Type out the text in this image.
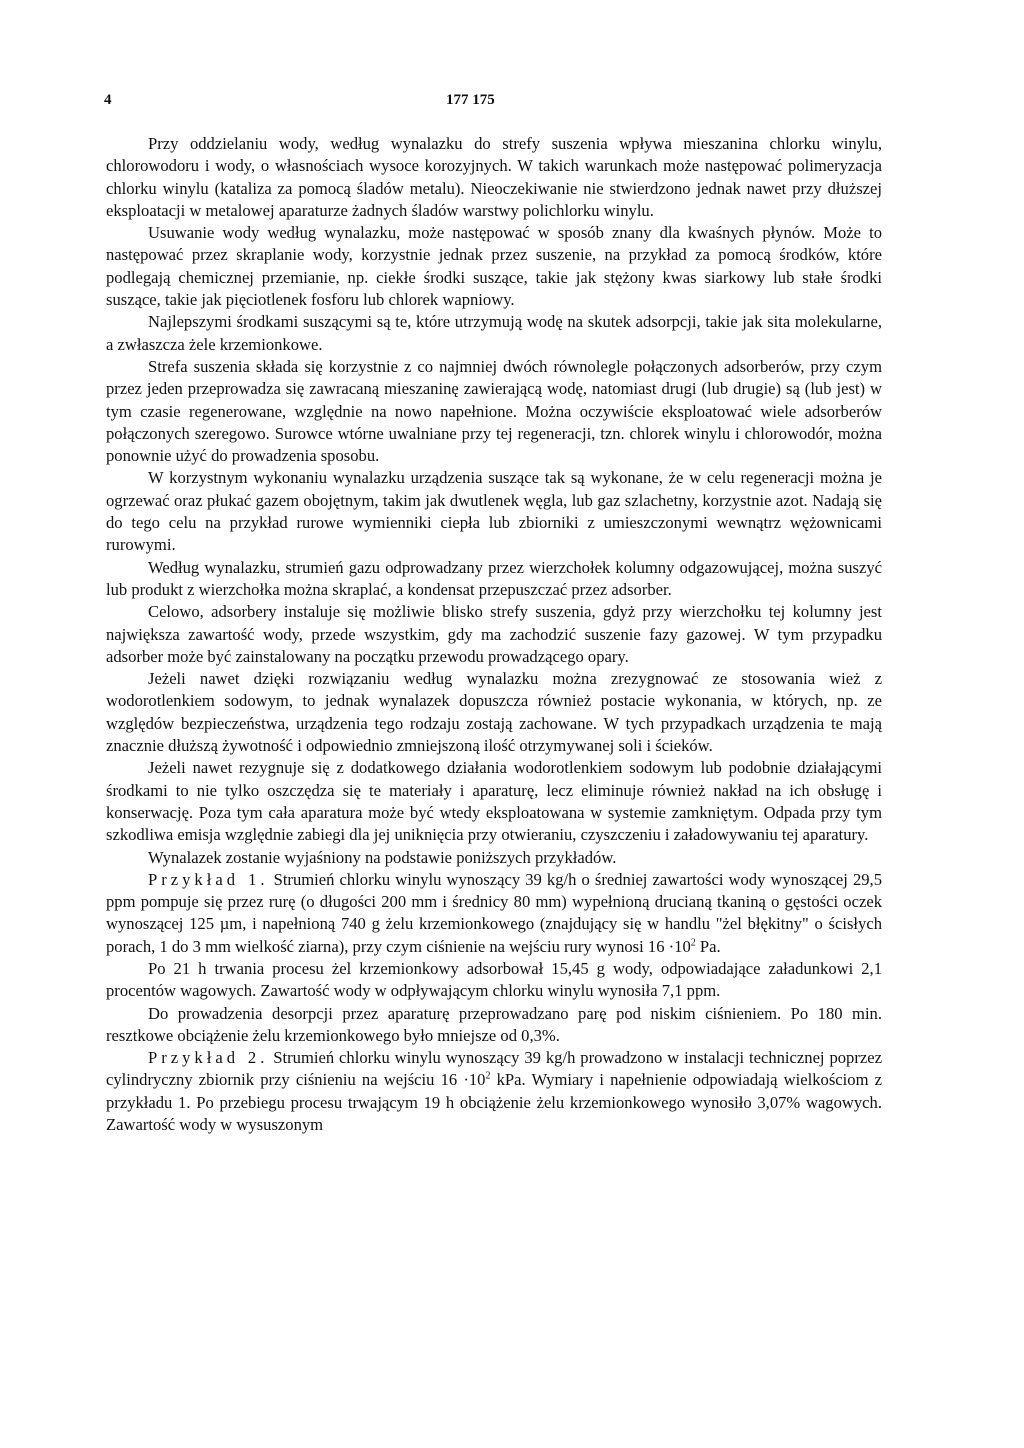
4	177 175

Przy oddzielaniu wody, według wynalazku do strefy suszenia wpływa mieszanina chlorku winylu, chlorowodoru i wody, o własnościach wysoce korozyjnych. W takich warunkach może następować polimeryzacja chlorku winylu (kataliza za pomocą śladów metalu). Nieoczekiwanie nie stwierdzono jednak nawet przy dłuższej eksploatacji w metalowej aparaturze żadnych śladów warstwy polichlorku winylu.

Usuwanie wody według wynalazku, może następować w sposób znany dla kwaśnych płynów. Może to następować przez skraplanie wody, korzystnie jednak przez suszenie, na przykład za pomocą środków, które podlegają chemicznej przemianie, np. ciekłe środki suszące, takie jak stężony kwas siarkowy lub stałe środki suszące, takie jak pięciotlenek fosforu lub chlorek wapniowy.

Najlepszymi środkami suszącymi są te, które utrzymują wodę na skutek adsorpcji, takie jak sita molekularne, a zwłaszcza żele krzemionkowe.

Strefa suszenia składa się korzystnie z co najmniej dwóch równolegle połączonych adsorberów, przy czym przez jeden przeprowadza się zawracaną mieszaninę zawierającą wodę, natomiast drugi (lub drugie) są (lub jest) w tym czasie regenerowane, względnie na nowo napełnione. Można oczywiście eksploatować wiele adsorberów połączonych szeregowo. Surowce wtórne uwalniane przy tej regeneracji, tzn. chlorek winylu i chlorowodór, można ponownie użyć do prowadzenia sposobu.

W korzystnym wykonaniu wynalazku urządzenia suszące tak są wykonane, że w celu regeneracji można je ogrzewać oraz płukać gazem obojętnym, takim jak dwutlenek węgla, lub gaz szlachetny, korzystnie azot. Nadają się do tego celu na przykład rurowe wymienniki ciepła lub zbiorniki z umieszczonymi wewnątrz wężownicami rurowymi.

Według wynalazku, strumień gazu odprowadzany przez wierzchołek kolumny odgazowującej, można suszyć lub produkt z wierzchołka można skraplać, a kondensat przepuszczać przez adsorber.

Celowo, adsorbery instaluje się możliwie blisko strefy suszenia, gdyż przy wierzchołku tej kolumny jest największa zawartość wody, przede wszystkim, gdy ma zachodzić suszenie fazy gazowej. W tym przypadku adsorber może być zainstalowany na początku przewodu prowadzącego opary.

Jeżeli nawet dzięki rozwiązaniu według wynalazku można zrezygnować ze stosowania wież z wodorotlenkiem sodowym, to jednak wynalazek dopuszcza również postacie wykonania, w których, np. ze względów bezpieczeństwa, urządzenia tego rodzaju zostają zachowane. W tych przypadkach urządzenia te mają znacznie dłuższą żywotność i odpowiednio zmniejszoną ilość otrzymywanej soli i ścieków.

Jeżeli nawet rezygnuje się z dodatkowego działania wodorotlenkiem sodowym lub podobnie działającymi środkami to nie tylko oszczędza się te materiały i aparaturę, lecz eliminuje również nakład na ich obsługę i konserwację. Poza tym cała aparatura może być wtedy eksploatowana w systemie zamkniętym. Odpada przy tym szkodliwa emisja względnie zabiegi dla jej uniknięcia przy otwieraniu, czyszczeniu i załadowywaniu tej aparatury.

Wynalazek zostanie wyjaśniony na podstawie poniższych przykładów.

Przykład 1. Strumień chlorku winylu wynoszący 39 kg/h o średniej zawartości wody wynoszącej 29,5 ppm pompuje się przez rurę (o długości 200 mm i średnicy 80 mm) wypełnioną drucianą tkaniną o gęstości oczek wynoszącej 125 µm, i napełnioną 740 g żelu krzemionkowego (znajdujący się w handlu "żel błękitny" o ścisłych porach, 1 do 3 mm wielkość ziarna), przy czym ciśnienie na wejściu rury wynosi $16 \cdot 10^2$ Pa.

Po 21 h trwania procesu żel krzemionkowy adsorbował 15,45 g wody, odpowiadające załadunkowi 2,1 procentów wagowych. Zawartość wody w odpływającym chlorku winylu wynosiła 7,1 ppm.

Do prowadzenia desorpcji przez aparaturę przeprowadzano parę pod niskim ciśnieniem. Po 180 min. resztkowe obciążenie żelu krzemionkowego było mniejsze od 0,3%.

Przykład 2. Strumień chlorku winylu wynoszący 39 kg/h prowadzono w instalacji technicznej poprzez cylindryczny zbiornik przy ciśnieniu na wejściu $16 \cdot 10^2$ kPa. Wymiary i napełnienie odpowiadają wielkościom z przykładu 1. Po przebiegu procesu trwającym 19 h obciążenie żelu krzemionkowego wynosiło 3,07% wagowych. Zawartość wody w wysuszonym
